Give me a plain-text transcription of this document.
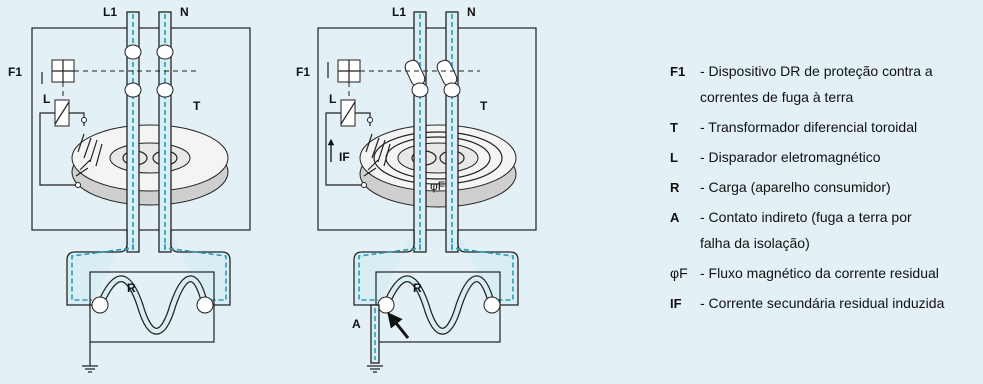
L1	N
F1
L	T
R
L1	N
F1
L	T
IF
φF
R
A
F1	- Dispositivo DR de proteção contra a
correntes de fuga à terra
T	- Transformador diferencial toroidal
L	- Disparador eletromagnético
R	- Carga (aparelho consumidor)
A	- Contato indireto (fuga a terra por
falha da isolação)
φF - Fluxo magnético da corrente residual
IF	- Corrente secundária residual induzida
